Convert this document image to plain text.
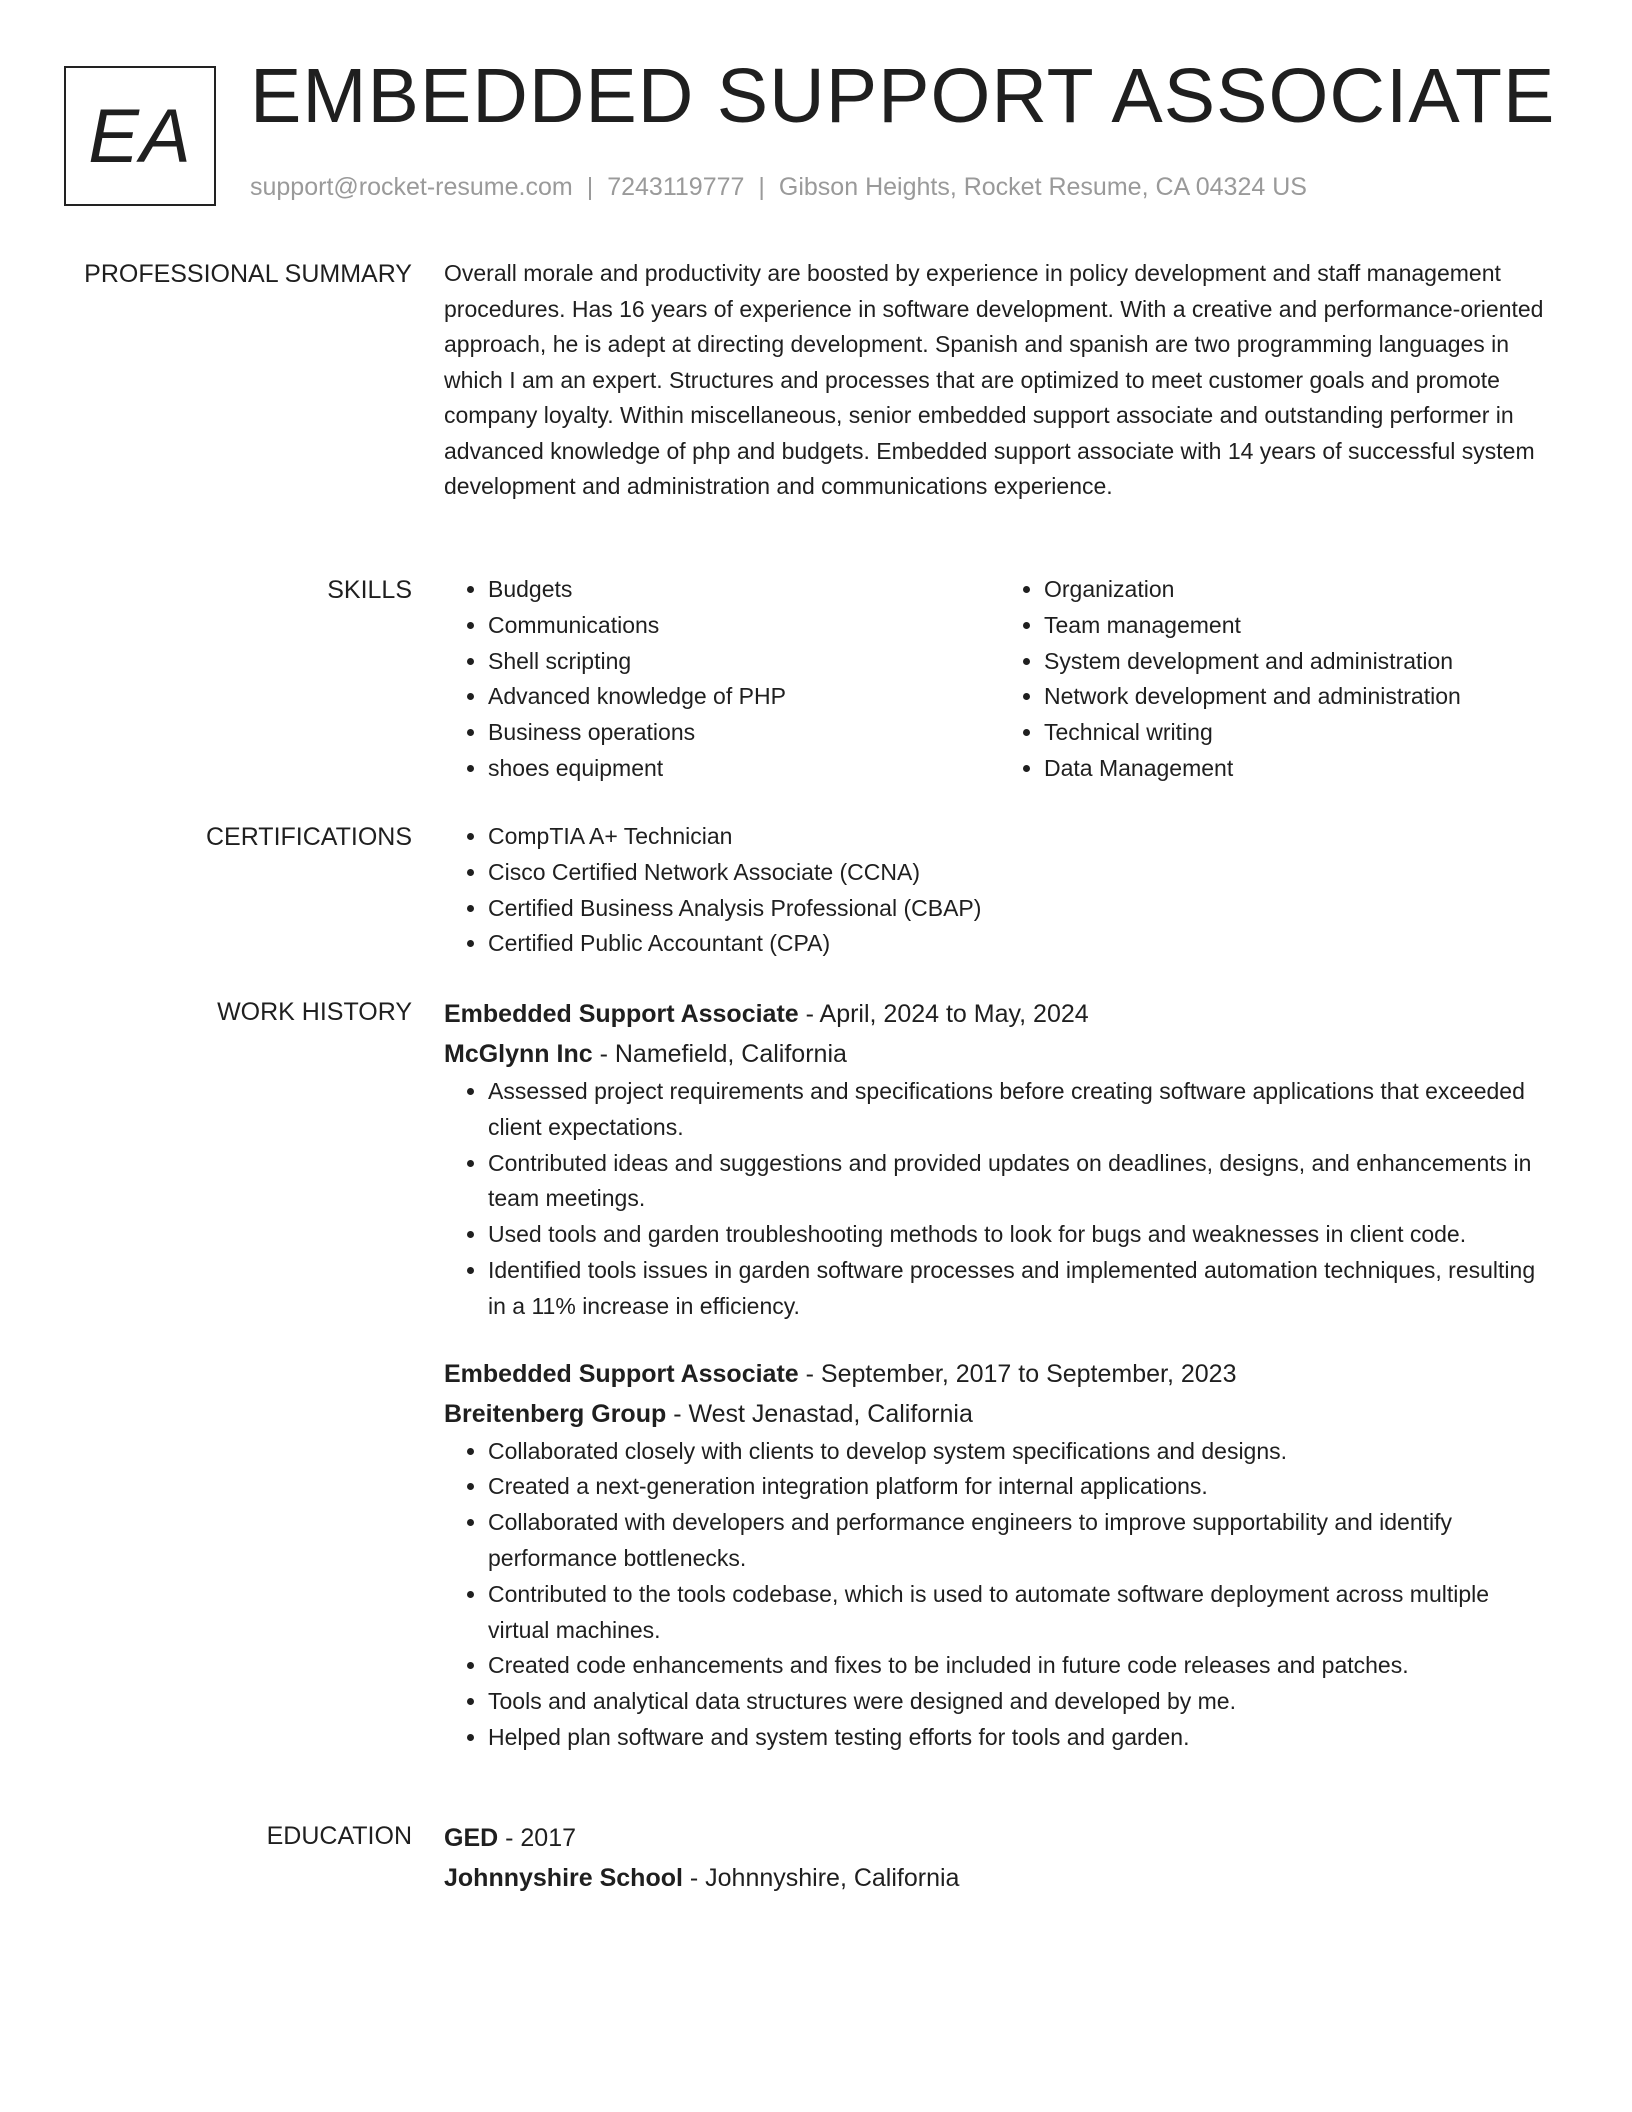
EA EMBEDDED SUPPORT ASSOCIATE
support@rocket-resume.com | 7243119777 | Gibson Heights, Rocket Resume, CA 04324 US
PROFESSIONAL SUMMARY Overall morale and productivity are boosted by experience in policy development and staff management procedures. Has 16 years of experience in software development. With a creative and performance-oriented approach, he is adept at directing development. Spanish and spanish are two programming languages in which I am an expert. Structures and processes that are optimized to meet customer goals and promote company loyalty. Within miscellaneous, senior embedded support associate and outstanding performer in advanced knowledge of php and budgets. Embedded support associate with 14 years of successful system development and administration and communications experience.

SKILLS	• Budgets
• Communications
• Shell scripting
• Advanced knowledge of PHP
• Business operations
• shoes equipment
• Organization
• Team management
• System development and administration
• Network development and administration
• Technical writing
• Data Management
CERTIFICATIONS	• CompTIA A+ Technician
• Cisco Certified Network Associate (CCNA)
• Certified Business Analysis Professional (CBAP)
• Certified Public Accountant (CPA)
WORK HISTORY Embedded Support Associate - April, 2024 to May, 2024
McGlynn Inc - Namefield, California
• Assessed project requirements and specifications before creating software applications that exceeded client expectations.
• Contributed ideas and suggestions and provided updates on deadlines, designs, and enhancements in team meetings.
• Used tools and garden troubleshooting methods to look for bugs and weaknesses in client code.
• Identified tools issues in garden software processes and implemented automation techniques, resulting in a 11% increase in efficiency.
Embedded Support Associate - September, 2017 to September, 2023
Breitenberg Group - West Jenastad, California
• Collaborated closely with clients to develop system specifications and designs.
• Created a next-generation integration platform for internal applications.
• Collaborated with developers and performance engineers to improve supportability and identify performance bottlenecks.
• Contributed to the tools codebase, which is used to automate software deployment across multiple virtual machines.
• Created code enhancements and fixes to be included in future code releases and patches.
• Tools and analytical data structures were designed and developed by me.
• Helped plan software and system testing efforts for tools and garden.
EDUCATION GED - 2017
Johnnyshire School - Johnnyshire, California
